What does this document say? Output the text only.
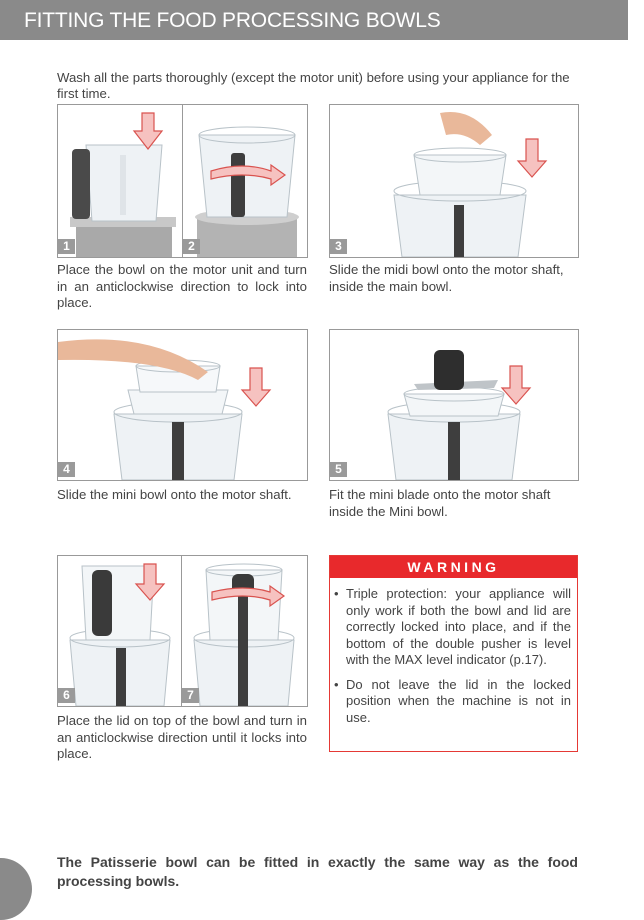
FITTING THE FOOD PROCESSING BOWLS
Wash all the parts thoroughly (except the motor unit) before using your appliance for the first time.
1	2
Place the bowl on the motor unit and turn in an anticlockwise direction to lock into place.
3
Slide the midi bowl onto the motor shaft, inside the main bowl.
4
Slide the mini bowl onto the motor shaft.
5
Fit the mini blade onto the motor shaft inside the Mini bowl.
6	7
Place the lid on top of the bowl and turn in an anticlockwise direction until it locks into place.
WARNING
• Triple protection: your appliance will only work if both the bowl and lid are correctly locked into place, and if the bottom of the double pusher is level with the MAX level indicator (p.17).
• Do not leave the lid in the locked position when the machine is not in use.
The Patisserie bowl can be fitted in exactly the same way as the food processing bowls.
